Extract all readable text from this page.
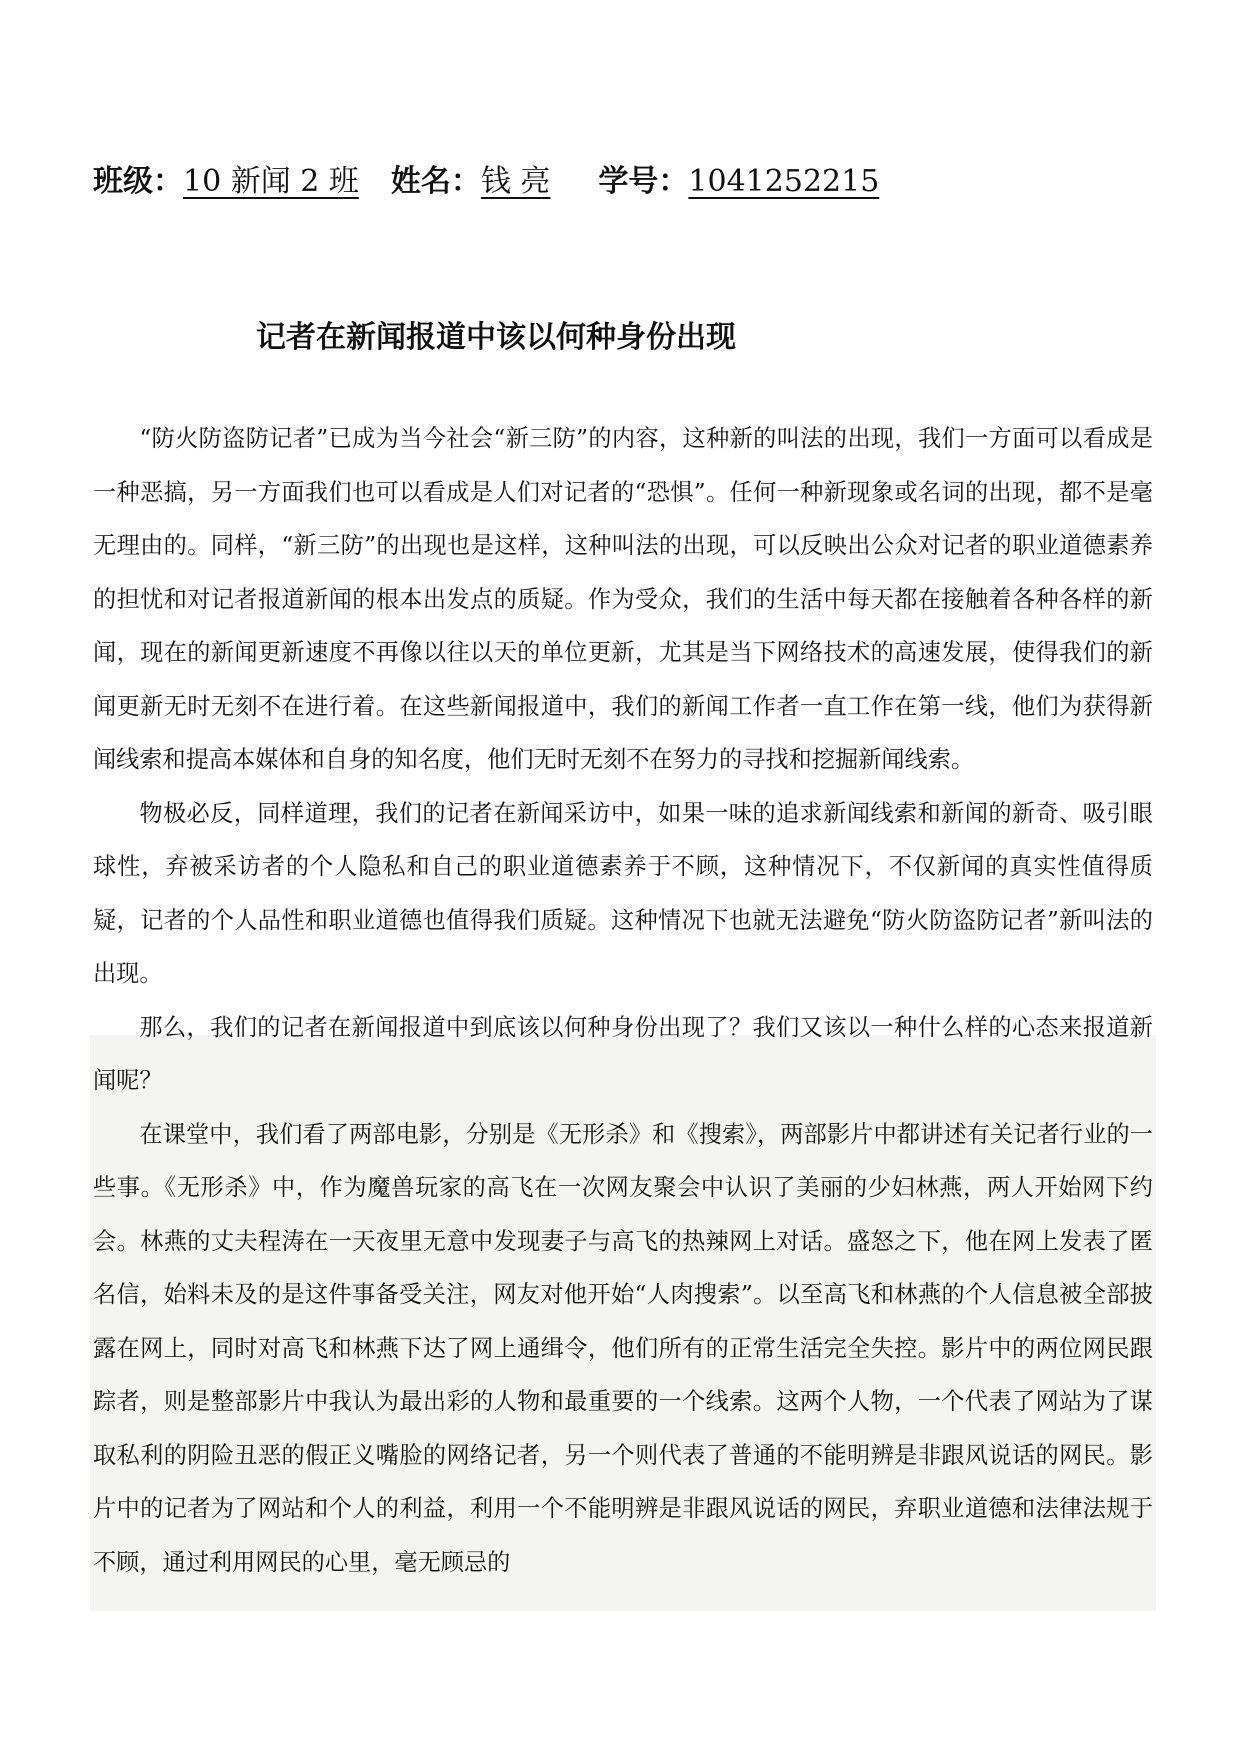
班级：10 新闻 2 班 姓名：钱 亮 学号：1041252215
记者在新闻报道中该以何种身份出现

“防火防盗防记者”已成为当今社会“新三防”的内容，这种新的叫法的出现，我们一方面可以看成是一种恶搞，另一方面我们也可以看成是人们对记者的“恐惧”。任何一种新现象或名词的出现，都不是毫无理由的。同样，“新三防”的出现也是这样，这种叫法的出现，可以反映出公众对记者的职业道德素养的担忧和对记者报道新闻的根本出发点的质疑。作为受众，我们的生活中每天都在接触着各种各样的新闻，现在的新闻更新速度不再像以往以天的单位更新，尤其是当下网络技术的高速发展，使得我们的新闻更新无时无刻不在进行着。在这些新闻报道中，我们的新闻工作者一直工作在第一线，他们为获得新闻线索和提高本媒体和自身的知名度，他们无时无刻不在努力的寻找和挖掘新闻线索。

物极必反，同样道理，我们的记者在新闻采访中，如果一味的追求新闻线索和新闻的新奇、吸引眼球性，弃被采访者的个人隐私和自己的职业道德素养于不顾，这种情况下，不仅新闻的真实性值得质疑，记者的个人品性和职业道德也值得我们质疑。这种情况下也就无法避免“防火防盗防记者”新叫法的出现。

那么，我们的记者在新闻报道中到底该以何种身份出现了？我们又该以一种什么样的心态来报道新闻呢？

在课堂中，我们看了两部电影，分别是《无形杀》和《搜索》，两部影片中都讲述有关记者行业的一些事。《无形杀》中，作为魔兽玩家的高飞在一次网友聚会中认识了美丽的少妇林燕，两人开始网下约会。林燕的丈夫程涛在一天夜里无意中发现妻子与高飞的热辣网上对话。盛怒之下，他在网上发表了匿名信，始料未及的是这件事备受关注，网友对他开始“人肉搜索”。以至高飞和林燕的个人信息被全部披露在网上，同时对高飞和林燕下达了网上通缉令，他们所有的正常生活完全失控。影片中的两位网民跟踪者，则是整部影片中我认为最出彩的人物和最重要的一个线索。这两个人物，一个代表了网站为了谋取私利的阴险丑恶的假正义嘴脸的网络记者，另一个则代表了普通的不能明辨是非跟风说话的网民。影片中的记者为了网站和个人的利益，利用一个不能明辨是非跟风说话的网民，弃职业道德和法律法规于不顾，通过利用网民的心里，毫无顾忌的
